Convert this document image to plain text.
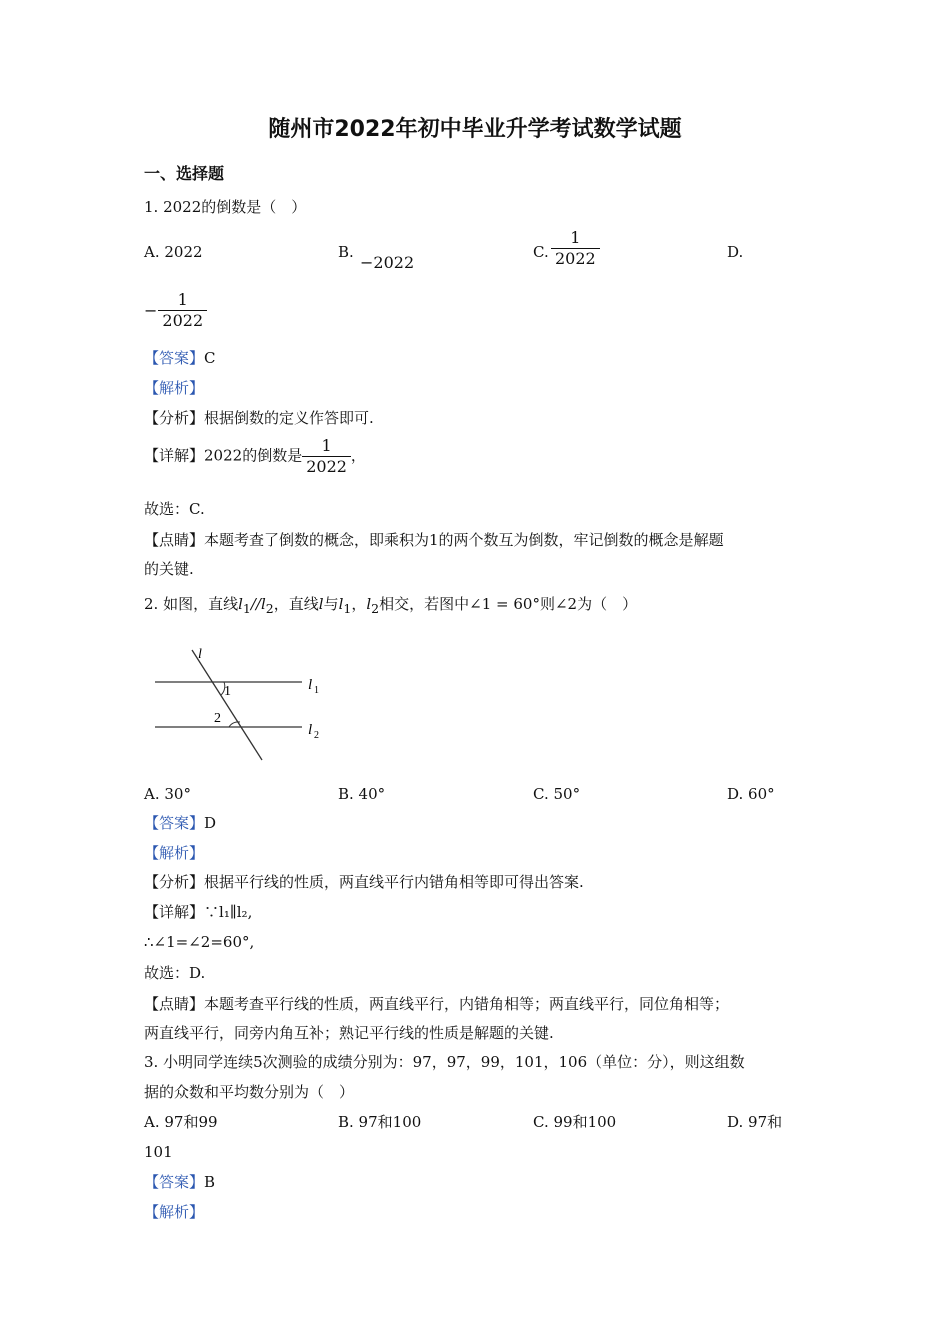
随州市2022年初中毕业升学考试数学试题
一、选择题
1. 2022的倒数是（　）
A. 2022	B.
−2022
C. $\frac{1}{2022}$	D.
− $\frac{1}{2022}$
【答案】C
【解析】
【分析】根据倒数的定义作答即可.
【详解】2022的倒数是 $\frac{1}{2022}$ ，
故选：C.
【点睛】本题考查了倒数的概念，即乘积为1的两个数互为倒数，牢记倒数的概念是解题
的关键.
2. 如图，直线$l_1//l_2$，直线l与$l_1$，$l_2$相交，若图中∠1 = 60°则∠2为（　）
l
1
2
l 1
l 2
A. 30°	B. 40°	C. 50°	D. 60°
【答案】D
【解析】
【分析】根据平行线的性质，两直线平行内错角相等即可得出答案.
【详解】∵l₁∥l₂,
∴∠1=∠2=60°,
故选：D.
【点睛】本题考查平行线的性质，两直线平行，内错角相等；两直线平行，同位角相等；
两直线平行，同旁内角互补；熟记平行线的性质是解题的关键.
3. 小明同学连续5次测验的成绩分别为：97，97，99，101，106（单位：分），则这组数
据的众数和平均数分别为（　）
A. 97和99	B. 97和100	C. 99和100	D. 97和
101
【答案】B
【解析】
